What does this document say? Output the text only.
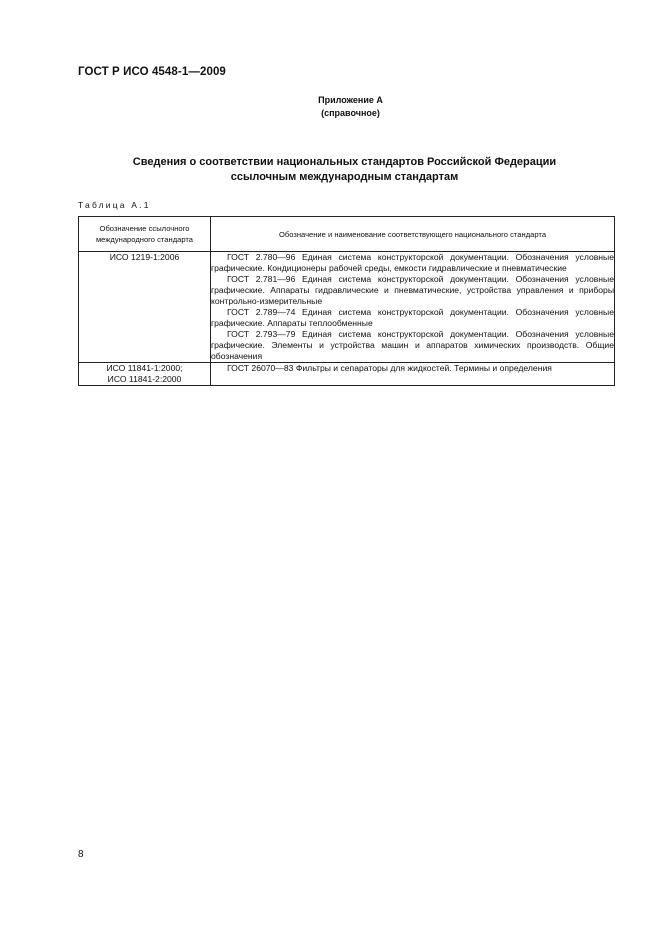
ГОСТ Р ИСО 4548-1—2009
Приложение А
(справочное)
Сведения о соответствии национальных стандартов Российской Федерации
ссылочным международным стандартам
Таблица А.1
Обозначение ссылочного международного стандарта	Обозначение и наименование соответствующего национального стандарта

ИСО 1219-1:2006	ГОСТ 2.780—96 Единая система конструкторской документации. Обозначения условные графические. Кондиционеры рабочей среды, емкости гидравлические и пневматические
ГОСТ 2.781—96 Единая система конструкторской документации. Обозначения условные графические. Аппараты гидравлические и пневматические, устройства управления и приборы контрольно-измерительные
ГОСТ 2.789—74 Единая система конструкторской документации. Обозначения условные графические. Аппараты теплообменные
ГОСТ 2.793—79 Единая система конструкторской документации. Обозначения условные графические. Элементы и устройства машин и аппаратов химических производств. Общие обозначения

ИСО 11841-1:2000;
ИСО 11841-2:2000	ГОСТ 26070—83 Фильтры и сепараторы для жидкостей. Термины и определения
8
